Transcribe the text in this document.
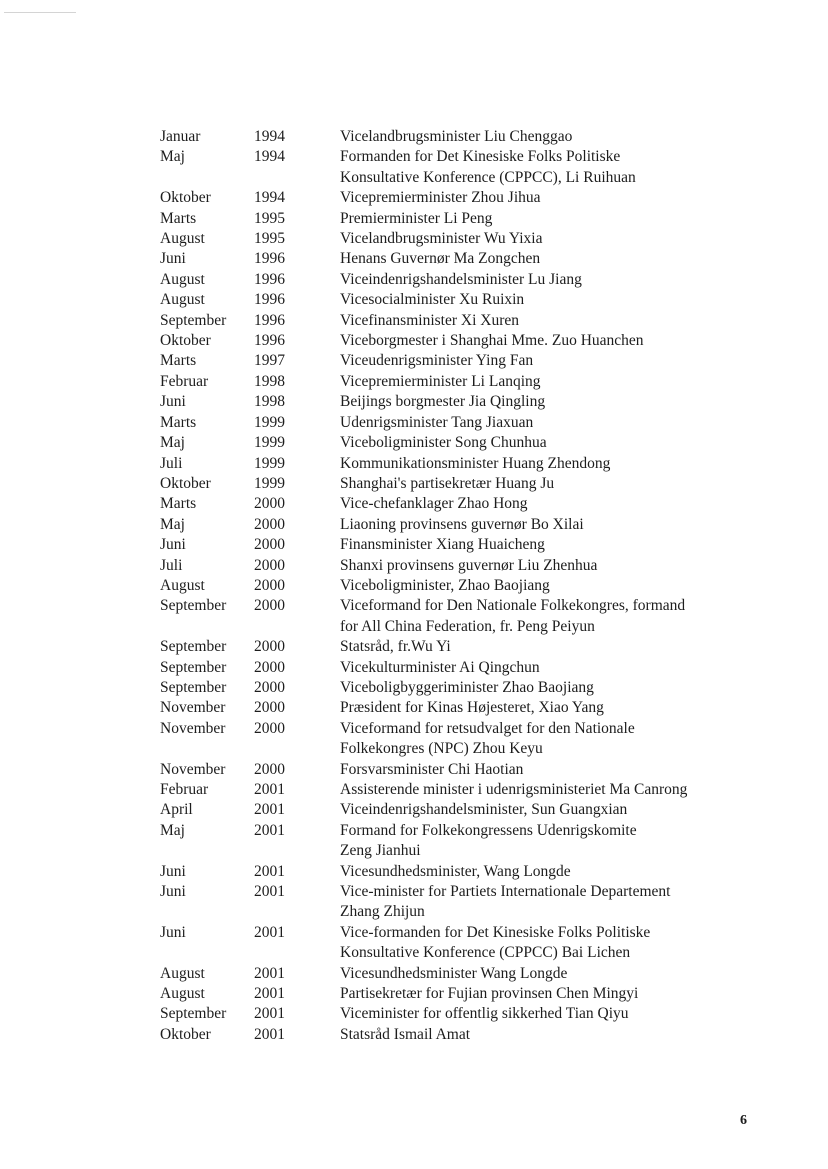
Januar	1994	Vicelandbrugsminister Liu Chenggao
Maj	1994	Formanden for Det Kinesiske Folks Politiske
Konsultative Konference (CPPCC), Li Ruihuan
Oktober	1994	Vicepremierminister Zhou Jihua
Marts	1995	Premierminister Li Peng
August	1995	Vicelandbrugsminister Wu Yixia
Juni	1996	Henans Guvernør Ma Zongchen
August	1996	Viceindenrigshandelsminister Lu Jiang
August	1996	Vicesocialminister Xu Ruixin
September	1996	Vicefinansminister Xi Xuren
Oktober	1996	Viceborgmester i Shanghai Mme. Zuo Huanchen
Marts	1997	Viceudenrigsminister Ying Fan
Februar	1998	Vicepremierminister Li Lanqing
Juni	1998	Beijings borgmester Jia Qingling
Marts	1999	Udenrigsminister Tang Jiaxuan
Maj	1999	Viceboligminister Song Chunhua
Juli	1999	Kommunikationsminister Huang Zhendong
Oktober	1999	Shanghai's partisekretær Huang Ju
Marts	2000	Vice-chefanklager Zhao Hong
Maj	2000	Liaoning provinsens guvernør Bo Xilai
Juni	2000	Finansminister Xiang Huaicheng
Juli	2000	Shanxi provinsens guvernør Liu Zhenhua
August	2000	Viceboligminister, Zhao Baojiang
September	2000	Viceformand for Den Nationale Folkekongres, formand
for All China Federation, fr. Peng Peiyun
September	2000	Statsråd, fr.Wu Yi
September	2000	Vicekulturminister Ai Qingchun
September	2000	Viceboligbyggeriminister Zhao Baojiang
November	2000	Præsident for Kinas Højesteret, Xiao Yang
November	2000	Viceformand for retsudvalget for den Nationale
Folkekongres (NPC) Zhou Keyu
November	2000	Forsvarsminister Chi Haotian
Februar	2001	Assisterende minister i udenrigsministeriet Ma Canrong
April	2001	Viceindenrigshandelsminister, Sun Guangxian
Maj	2001	Formand for Folkekongressens Udenrigskomite
Zeng Jianhui
Juni	2001	Vicesundhedsminister, Wang Longde
Juni	2001	Vice-minister for Partiets Internationale Departement
Zhang Zhijun
Juni	2001	Vice-formanden for Det Kinesiske Folks Politiske
Konsultative Konference (CPPCC) Bai Lichen
August	2001	Vicesundhedsminister Wang Longde
August	2001	Partisekretær for Fujian provinsen Chen Mingyi
September	2001	Viceminister for offentlig sikkerhed Tian Qiyu
Oktober	2001	Statsråd Ismail Amat
6
